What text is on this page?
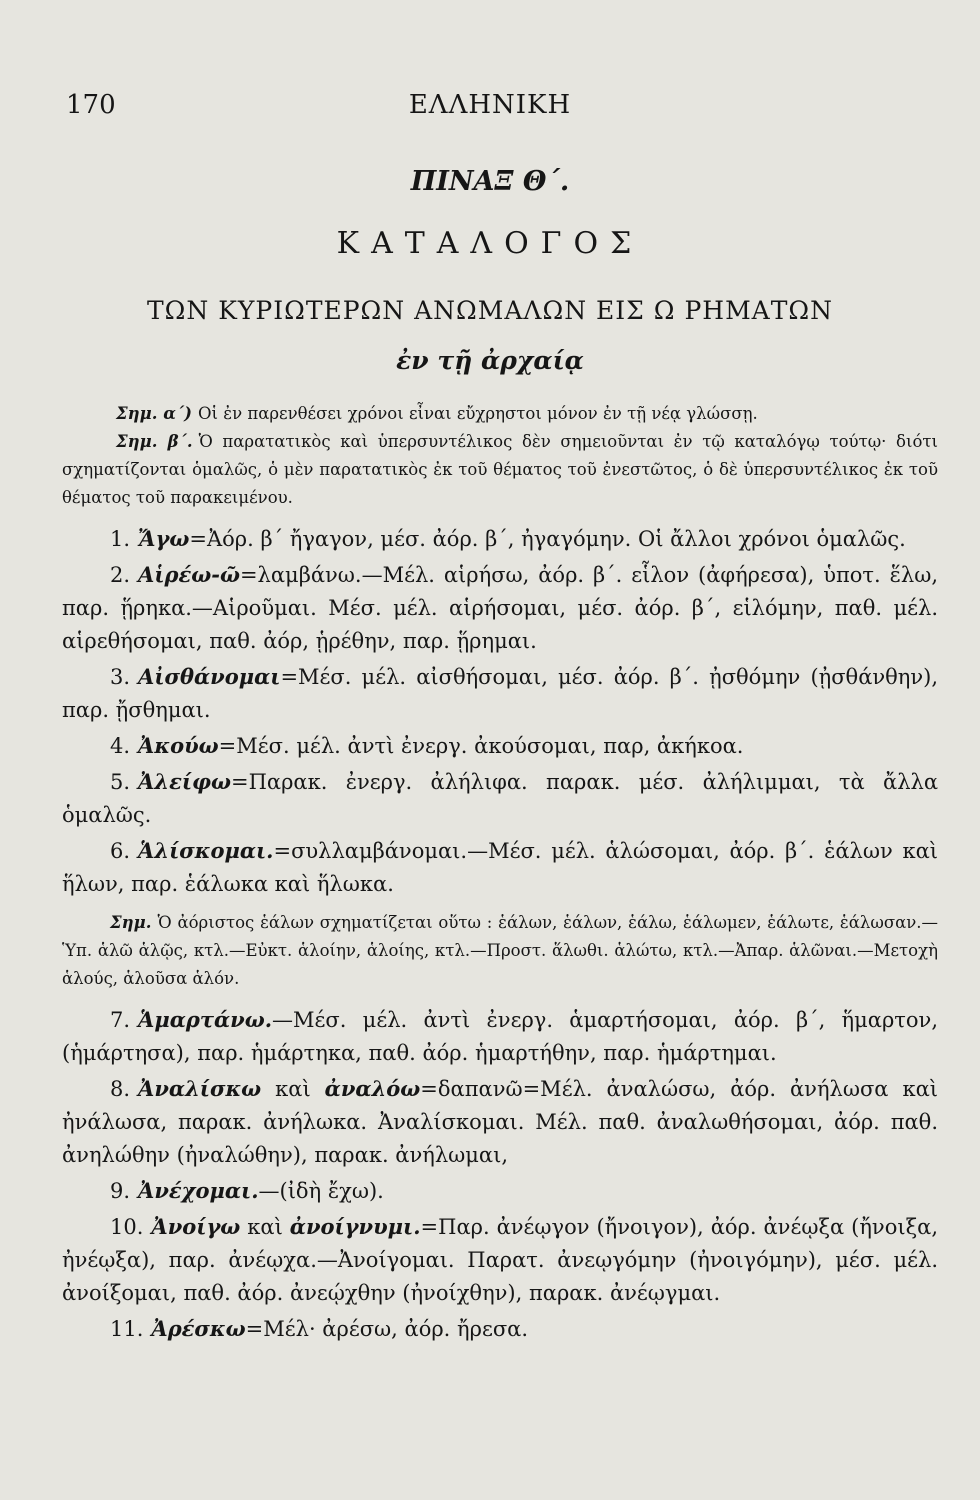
170	ΕΛΛΗΝΙΚΗ
ΠΙΝΑΞ Θ΄.
ΚΑΤΑΛΟΓΟΣ
ΤΩΝ ΚΥΡΙΩΤΕΡΩΝ ΑΝΩΜΑΛΩΝ ΕΙΣ Ω ΡΗΜΑΤΩΝ
ἐν τῇ ἀρχαίᾳ

Σημ. α΄) Οἱ ἐν παρενθέσει χρόνοι εἶναι εὔχρηστοι μόνον ἐν τῇ νέᾳ γλώσσῃ.

Σημ. β΄. Ὁ παρατατικὸς καὶ ὑπερσυντέλικος δὲν σημειοῦνται ἐν τῷ καταλόγῳ τούτῳ· διότι σχηματίζονται ὁμαλῶς, ὁ μὲν παρατατικὸς ἐκ τοῦ θέματος τοῦ ἐνεστῶτος, ὁ δὲ ὑπερσυντέλικος ἐκ τοῦ θέματος τοῦ παρακειμένου.

1. Ἄγω=Ἀόρ. β΄ ἤγαγον, μέσ. ἀόρ. β΄, ἠγαγόμην. Οἱ ἄλλοι χρόνοι ὁμαλῶς.

2. Αἱρέω-ῶ=λαμβάνω.—Μέλ. αἱρήσω, ἀόρ. β΄. εἷλον (ἀφήρεσα), ὑποτ. ἕλω, παρ. ᾕρηκα.—Αἱροῦμαι. Μέσ. μέλ. αἱρήσομαι, μέσ. ἀόρ. β΄, εἱλόμην, παθ. μέλ. αἱρεθήσομαι, παθ. ἀόρ, ᾑρέθην, παρ. ᾕρημαι.

3. Αἰσθάνομαι=Μέσ. μέλ. αἰσθήσομαι, μέσ. ἀόρ. β΄. ᾐσθόμην (ᾐσθάνθην), παρ. ᾔσθημαι.

4. Ἀκούω=Μέσ. μέλ. ἀντὶ ἐνεργ. ἀκούσομαι, παρ, ἀκήκοα.

5. Ἀλείφω=Παρακ. ἐνεργ. ἀλήλιφα. παρακ. μέσ. ἀλήλιμμαι, τὰ ἄλλα ὁμαλῶς.

6. Ἁλίσκομαι.=συλλαμβάνομαι.—Μέσ. μέλ. ἁλώσομαι, ἀόρ. β΄. ἑάλων καὶ ἥλων, παρ. ἑάλωκα καὶ ἥλωκα.

Σημ. Ὁ ἀόριστος ἑάλων σχηματίζεται οὕτω : ἑάλων, ἑάλων, ἑάλω, ἑάλωμεν, ἑάλωτε, ἑάλωσαν.—Ὑπ. ἁλῶ ἁλῷς, κτλ.—Εὐκτ. ἁλοίην, ἁλοίης, κτλ.—Προστ. ἅλωθι. ἁλώτω, κτλ.—Ἀπαρ. ἁλῶναι.—Μετοχὴ ἁλούς, ἁλοῦσα ἁλόν.

7. Ἁμαρτάνω.—Μέσ. μέλ. ἀντὶ ἐνεργ. ἁμαρτήσομαι, ἀόρ. β΄, ἥμαρτον, (ἡμάρτησα), παρ. ἡμάρτηκα, παθ. ἀόρ. ἡμαρτήθην, παρ. ἡμάρτημαι.

8. Ἀναλίσκω καὶ ἀναλόω=δαπανῶ=Μέλ. ἀναλώσω, ἀόρ. ἀνήλωσα καὶ ἠνάλωσα, παρακ. ἀνήλωκα. Ἀναλίσκομαι. Μέλ. παθ. ἀναλωθήσομαι, ἀόρ. παθ. ἀνηλώθην (ἠναλώθην), παρακ. ἀνήλωμαι,

9. Ἀνέχομαι.—(ἰδὴ ἔχω).

10. Ἀνοίγω καὶ ἀνοίγνυμι.=Παρ. ἀνέῳγον (ἤνοιγον), ἀόρ. ἀνέῳξα (ἤνοιξα, ἠνέῳξα), παρ. ἀνέῳχα.—Ἀνοίγομαι. Παρατ. ἀνεῳγόμην (ἠνοιγόμην), μέσ. μέλ. ἀνοίξομαι, παθ. ἀόρ. ἀνεῴχθην (ἠνοίχθην), παρακ. ἀνέῳγμαι.

11. Ἀρέσκω=Μέλ· ἀρέσω, ἀόρ. ἤρεσα.
